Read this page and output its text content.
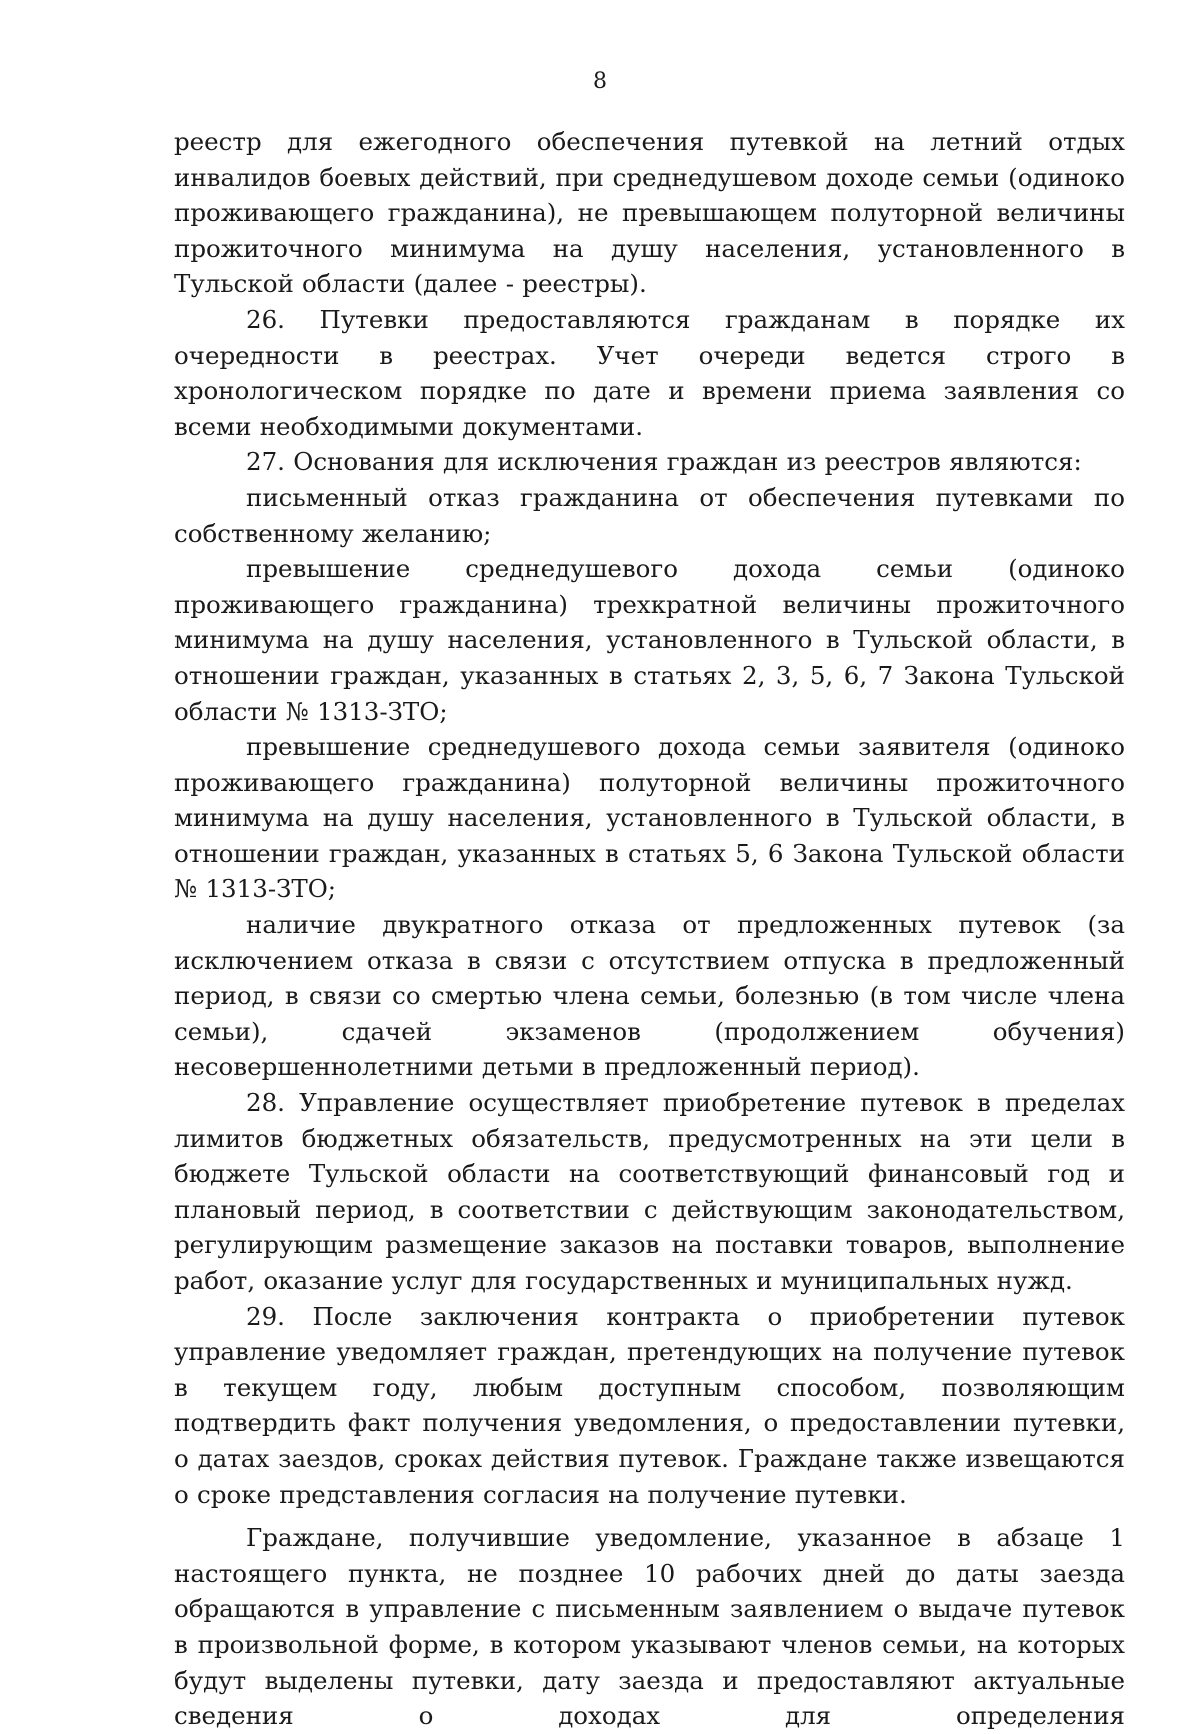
8

реестр для ежегодного обеспечения путевкой на летний отдых инвалидов боевых действий, при среднедушевом доходе семьи (одиноко проживающего гражданина), не превышающем полуторной величины прожиточного минимума на душу населения, установленного в Тульской области (далее - реестры).

26. Путевки предоставляются гражданам в порядке их очередности в реестрах. Учет очереди ведется строго в хронологическом порядке по дате и времени приема заявления со всеми необходимыми документами.

27. Основания для исключения граждан из реестров являются:

письменный отказ гражданина от обеспечения путевками по собственному желанию;

превышение среднедушевого дохода семьи (одиноко проживающего гражданина) трехкратной величины прожиточного минимума на душу населения, установленного в Тульской области, в отношении граждан, указанных в статьях 2, 3, 5, 6, 7 Закона Тульской области № 1313-ЗТО;

превышение среднедушевого дохода семьи заявителя (одиноко проживающего гражданина) полуторной величины прожиточного минимума на душу населения, установленного в Тульской области, в отношении граждан, указанных в статьях 5, 6 Закона Тульской области № 1313-ЗТО;

наличие двукратного отказа от предложенных путевок (за исключением отказа в связи с отсутствием отпуска в предложенный период, в связи со смертью члена семьи, болезнью (в том числе члена семьи), сдачей экзаменов (продолжением обучения) несовершеннолетними детьми в предложенный период).

28. Управление осуществляет приобретение путевок в пределах лимитов бюджетных обязательств, предусмотренных на эти цели в бюджете Тульской области на соответствующий финансовый год и плановый период, в соответствии с действующим законодательством, регулирующим размещение заказов на поставки товаров, выполнение работ, оказание услуг для государственных и муниципальных нужд.

29. После заключения контракта о приобретении путевок управление уведомляет граждан, претендующих на получение путевок в текущем году, любым доступным способом, позволяющим подтвердить факт получения уведомления, о предоставлении путевки, о датах заездов, сроках действия путевок. Граждане также извещаются о сроке представления согласия на получение путевки.

Граждане, получившие уведомление, указанное в абзаце 1 настоящего пункта, не позднее 10 рабочих дней до даты заезда обращаются в управление с письменным заявлением о выдаче путевок в произвольной форме, в котором указывают членов семьи, на которых будут выделены путевки, дату заезда и предоставляют актуальные сведения о доходах для определения
